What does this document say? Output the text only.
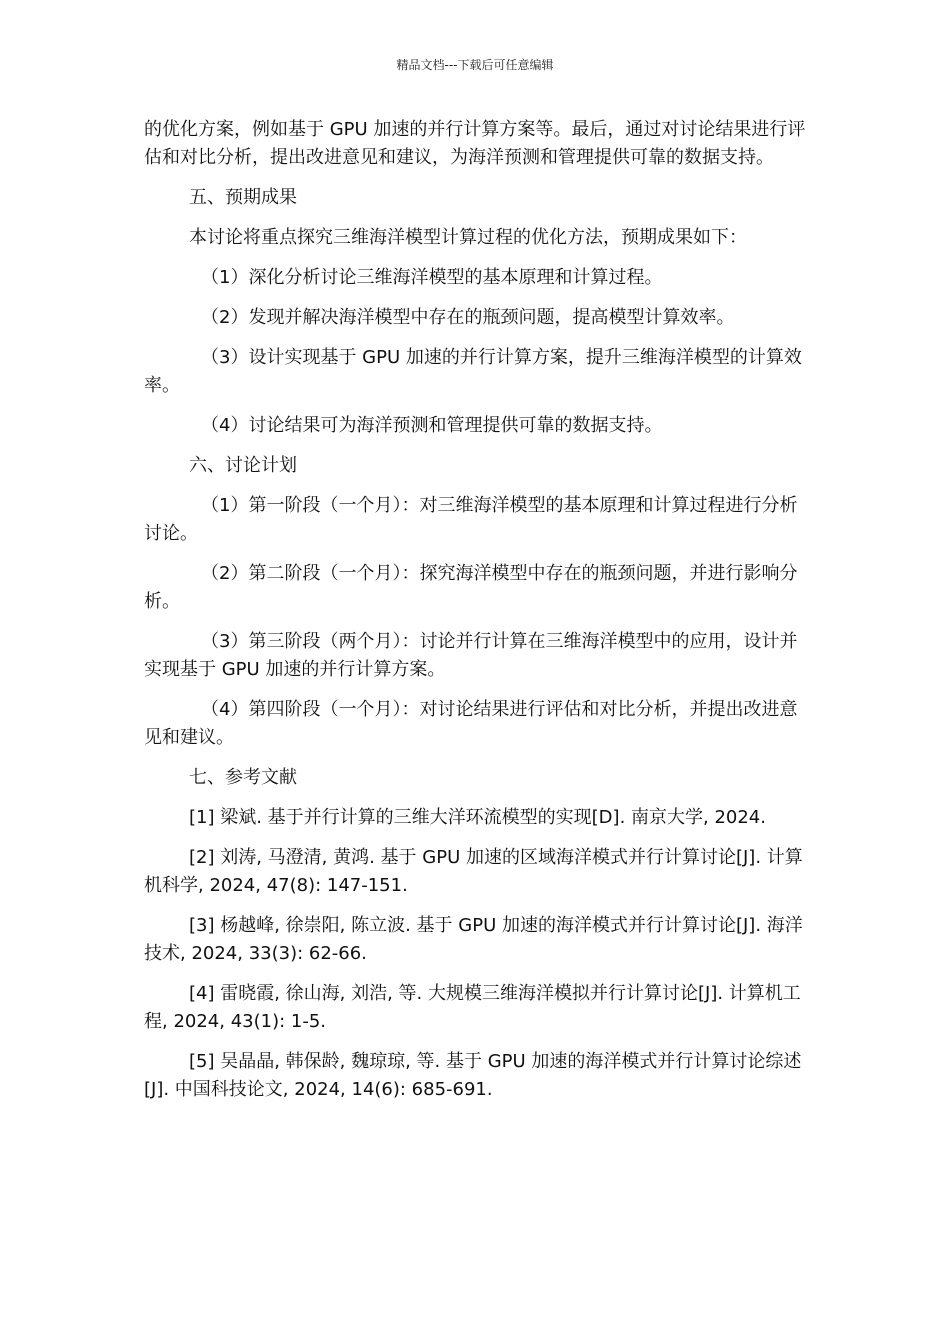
精品文档---下载后可任意编辑

的优化方案，例如基于 GPU 加速的并行计算方案等。最后，通过对讨论结果进行评估和对比分析，提出改进意见和建议，为海洋预测和管理提供可靠的数据支持。

五、预期成果

本讨论将重点探究三维海洋模型计算过程的优化方法，预期成果如下：

（1）深化分析讨论三维海洋模型的基本原理和计算过程。

（2）发现并解决海洋模型中存在的瓶颈问题，提高模型计算效率。

（3）设计实现基于 GPU 加速的并行计算方案，提升三维海洋模型的计算效率。

（4）讨论结果可为海洋预测和管理提供可靠的数据支持。

六、讨论计划

（1）第一阶段（一个月）：对三维海洋模型的基本原理和计算过程进行分析讨论。

（2）第二阶段（一个月）：探究海洋模型中存在的瓶颈问题，并进行影响分析。

（3）第三阶段（两个月）：讨论并行计算在三维海洋模型中的应用，设计并实现基于 GPU 加速的并行计算方案。

（4）第四阶段（一个月）：对讨论结果进行评估和对比分析，并提出改进意见和建议。

七、参考文献

[1] 梁斌. 基于并行计算的三维大洋环流模型的实现[D]. 南京大学, 2024.

[2] 刘涛, 马澄清, 黄鸿. 基于 GPU 加速的区域海洋模式并行计算讨论[J]. 计算机科学, 2024, 47(8): 147-151.

[3] 杨越峰, 徐崇阳, 陈立波. 基于 GPU 加速的海洋模式并行计算讨论[J]. 海洋技术, 2024, 33(3): 62-66.

[4] 雷晓霞, 徐山海, 刘浩, 等. 大规模三维海洋模拟并行计算讨论[J]. 计算机工程, 2024, 43(1): 1-5.

[5] 吴晶晶, 韩保龄, 魏琼琼, 等. 基于 GPU 加速的海洋模式并行计算讨论综述[J]. 中国科技论文, 2024, 14(6): 685-691.
